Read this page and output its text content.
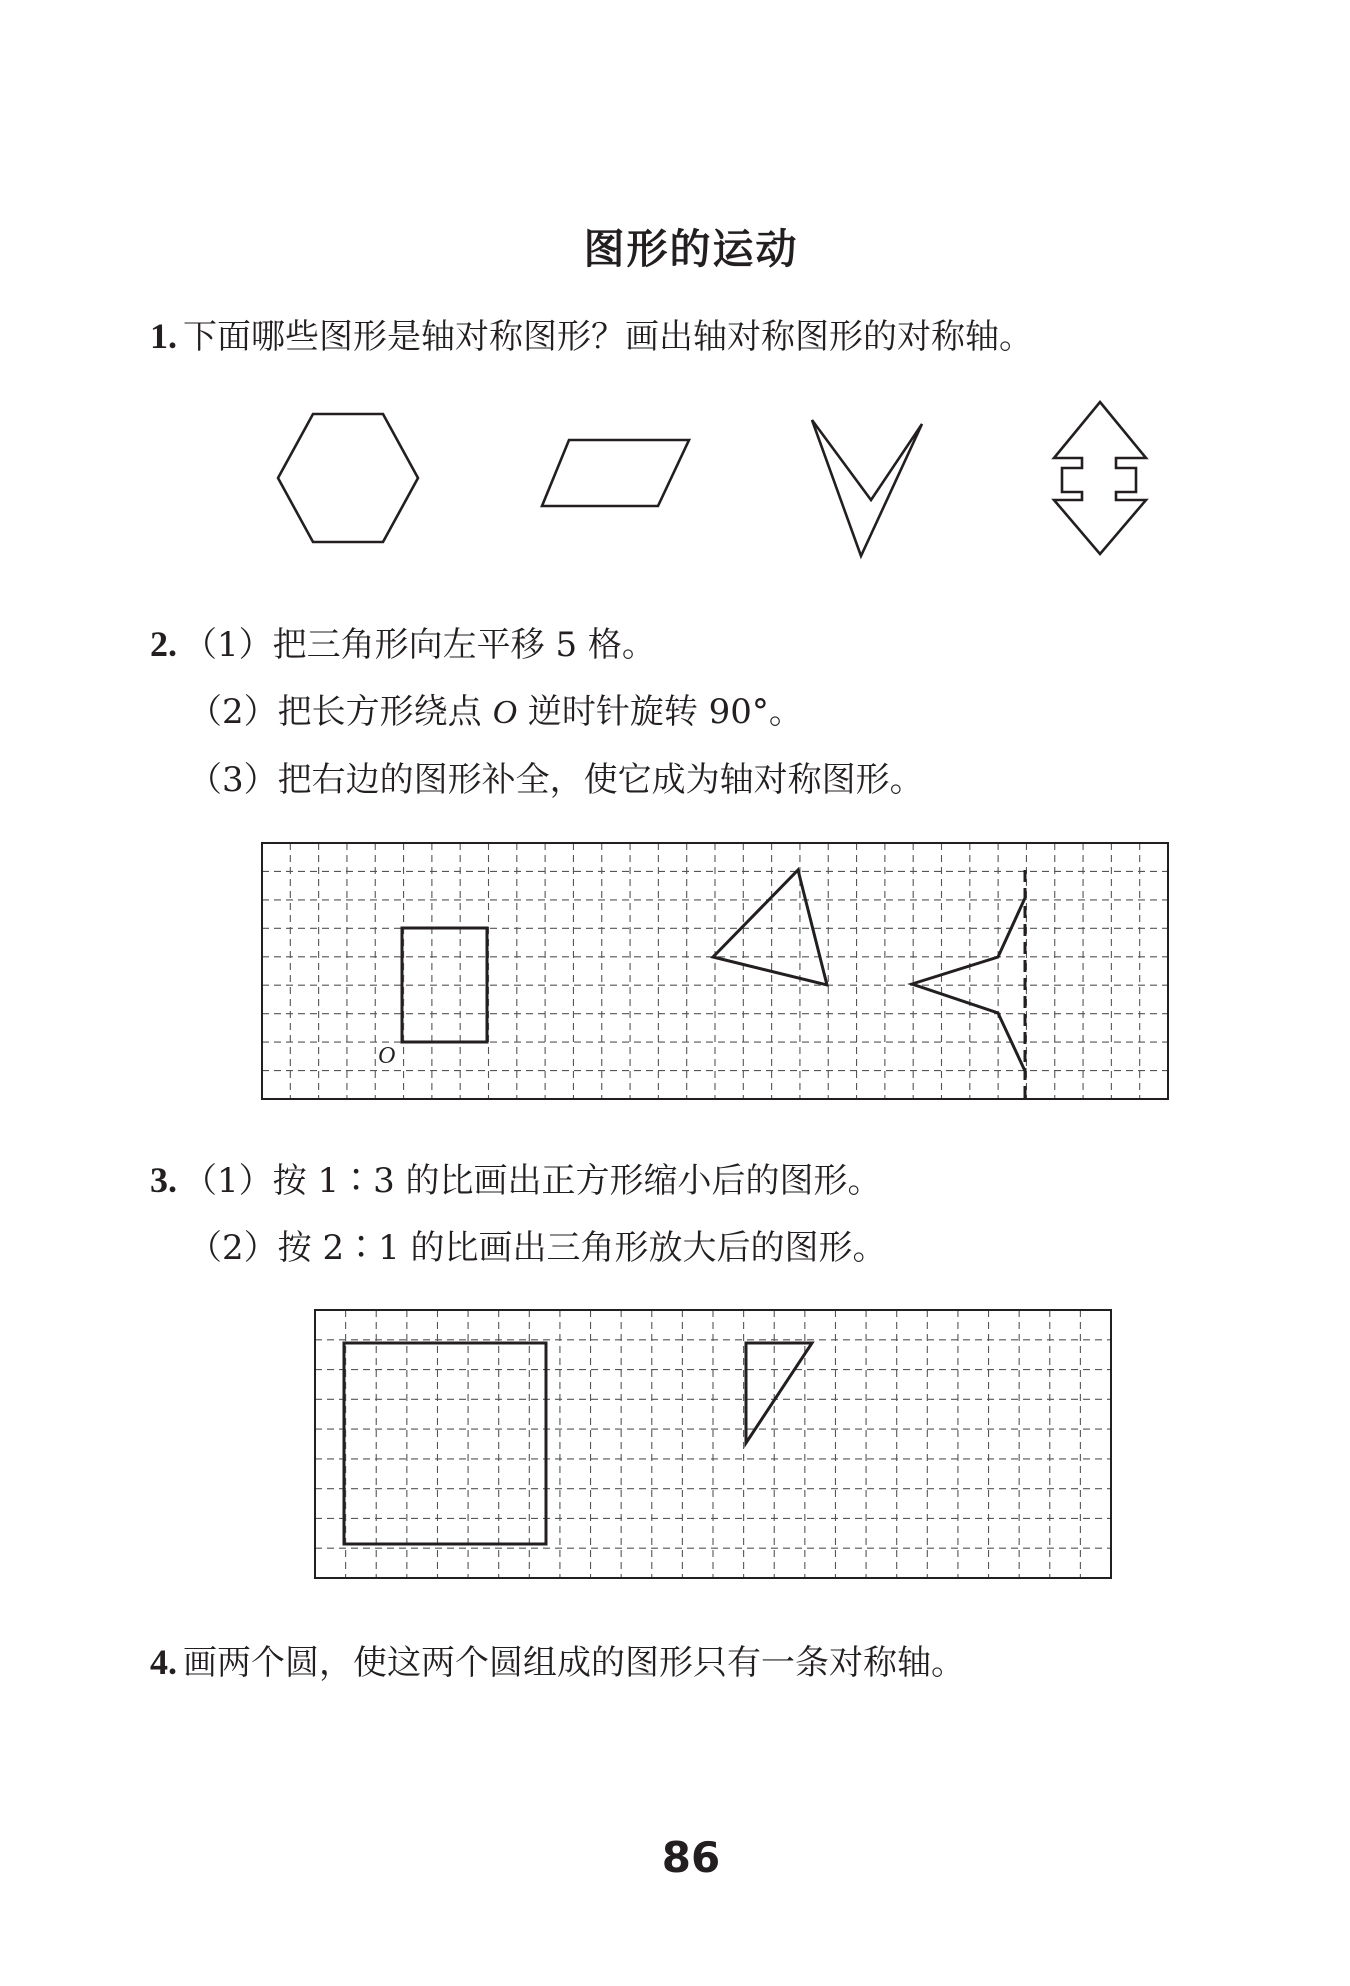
图形的运动
1. 下面哪些图形是轴对称图形？画出轴对称图形的对称轴。
2. （1）把三角形向左平移 5 格。
（2）把长方形绕点 O 逆时针旋转 90°。
（3）把右边的图形补全，使它成为轴对称图形。
3. （1）按 1∶3 的比画出正方形缩小后的图形。
（2）按 2∶1 的比画出三角形放大后的图形。
4. 画两个圆，使这两个圆组成的图形只有一条对称轴。
86
O
